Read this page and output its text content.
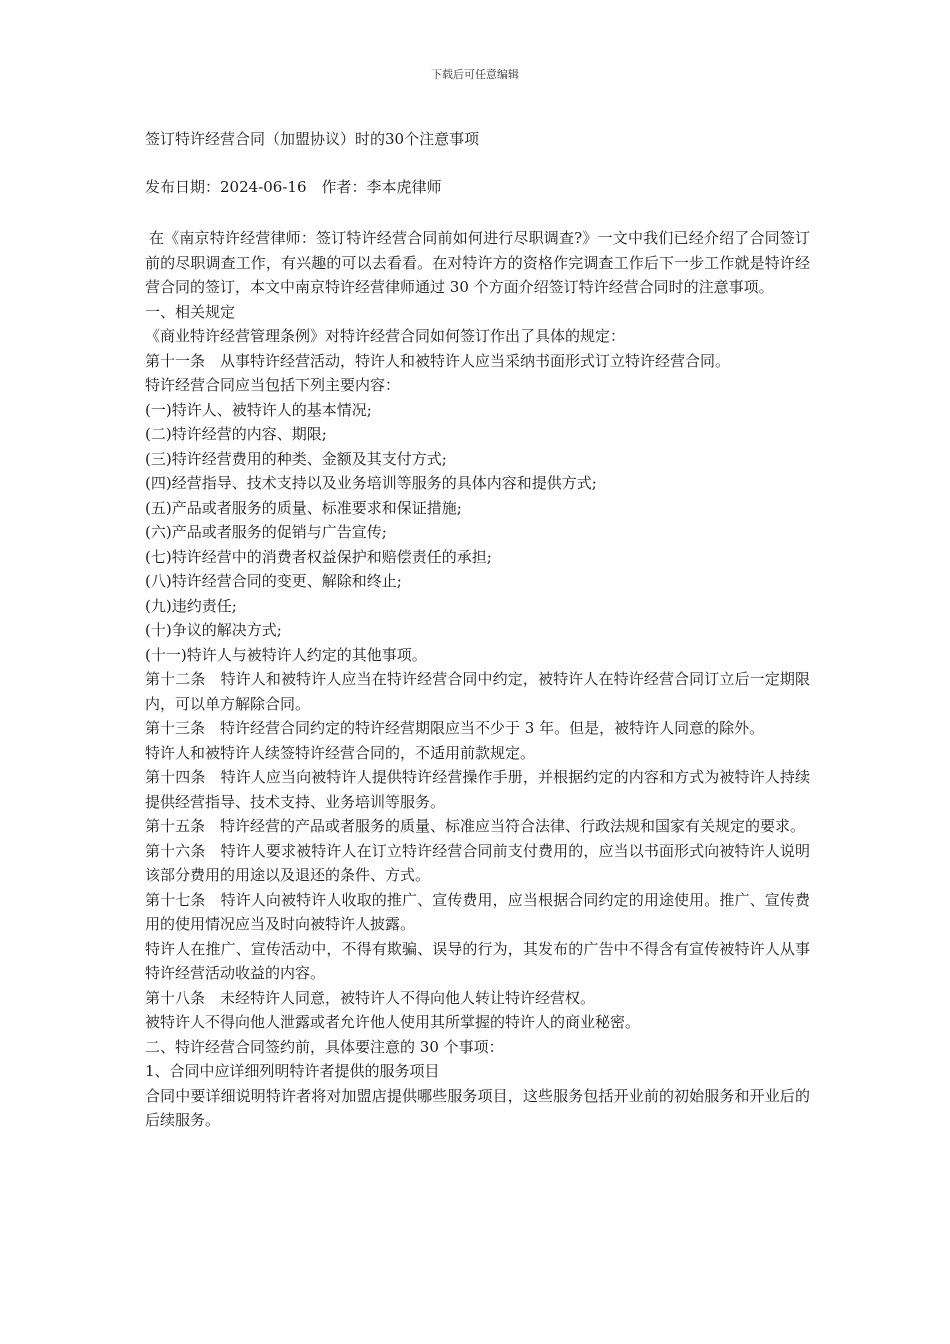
下载后可任意编辑
签订特许经营合同（加盟协议）时的30个注意事项
发布日期：2024-06-16　作者：李本虎律师

在《南京特许经营律师：签订特许经营合同前如何进行尽职调查?》一文中我们已经介绍了合同签订前的尽职调查工作，有兴趣的可以去看看。在对特许方的资格作完调查工作后下一步工作就是特许经营合同的签订，本文中南京特许经营律师通过 30 个方面介绍签订特许经营合同时的注意事项。

一、相关规定

《商业特许经营管理条例》对特许经营合同如何签订作出了具体的规定：

第十一条　从事特许经营活动，特许人和被特许人应当采纳书面形式订立特许经营合同。

特许经营合同应当包括下列主要内容：

(一)特许人、被特许人的基本情况;

(二)特许经营的内容、期限;

(三)特许经营费用的种类、金额及其支付方式;

(四)经营指导、技术支持以及业务培训等服务的具体内容和提供方式;

(五)产品或者服务的质量、标准要求和保证措施;

(六)产品或者服务的促销与广告宣传;

(七)特许经营中的消费者权益保护和赔偿责任的承担;

(八)特许经营合同的变更、解除和终止;

(九)违约责任;

(十)争议的解决方式;

(十一)特许人与被特许人约定的其他事项。

第十二条　特许人和被特许人应当在特许经营合同中约定，被特许人在特许经营合同订立后一定期限内，可以单方解除合同。

第十三条　特许经营合同约定的特许经营期限应当不少于 3 年。但是，被特许人同意的除外。

特许人和被特许人续签特许经营合同的，不适用前款规定。

第十四条　特许人应当向被特许人提供特许经营操作手册，并根据约定的内容和方式为被特许人持续提供经营指导、技术支持、业务培训等服务。

第十五条　特许经营的产品或者服务的质量、标准应当符合法律、行政法规和国家有关规定的要求。

第十六条　特许人要求被特许人在订立特许经营合同前支付费用的，应当以书面形式向被特许人说明该部分费用的用途以及退还的条件、方式。

第十七条　特许人向被特许人收取的推广、宣传费用，应当根据合同约定的用途使用。推广、宣传费用的使用情况应当及时向被特许人披露。

特许人在推广、宣传活动中，不得有欺骗、误导的行为，其发布的广告中不得含有宣传被特许人从事特许经营活动收益的内容。

第十八条　未经特许人同意，被特许人不得向他人转让特许经营权。

被特许人不得向他人泄露或者允许他人使用其所掌握的特许人的商业秘密。

二、特许经营合同签约前，具体要注意的 30 个事项：

1、合同中应详细列明特许者提供的服务项目

合同中要详细说明特许者将对加盟店提供哪些服务项目，这些服务包括开业前的初始服务和开业后的后续服务。
